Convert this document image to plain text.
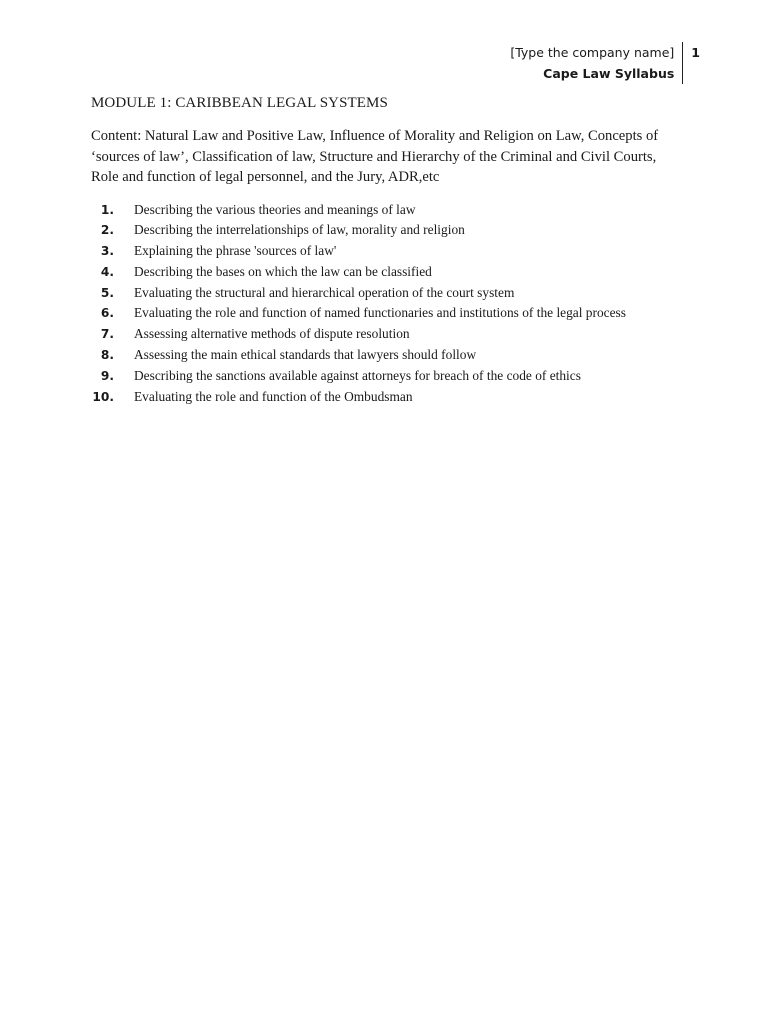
[Type the company name]
Cape Law Syllabus
1
MODULE 1: CARIBBEAN LEGAL SYSTEMS

Content: Natural Law and Positive Law, Influence of Morality and Religion on Law, Concepts of
‘sources of law’, Classification of law, Structure and Hierarchy of the Criminal and Civil Courts,
Role and function of legal personnel, and the Jury, ADR,etc

1.	Describing the various theories and meanings of law
2.	Describing the interrelationships of law, morality and religion
3.	Explaining the phrase 'sources of law'
4.	Describing the bases on which the law can be classified
5.	Evaluating the structural and hierarchical operation of the court system
6.	Evaluating the role and function of named functionaries and institutions of the legal process
7.	Assessing alternative methods of dispute resolution
8.	Assessing the main ethical standards that lawyers should follow
9.	Describing the sanctions available against attorneys for breach of the code of ethics
10.	Evaluating the role and function of the Ombudsman
